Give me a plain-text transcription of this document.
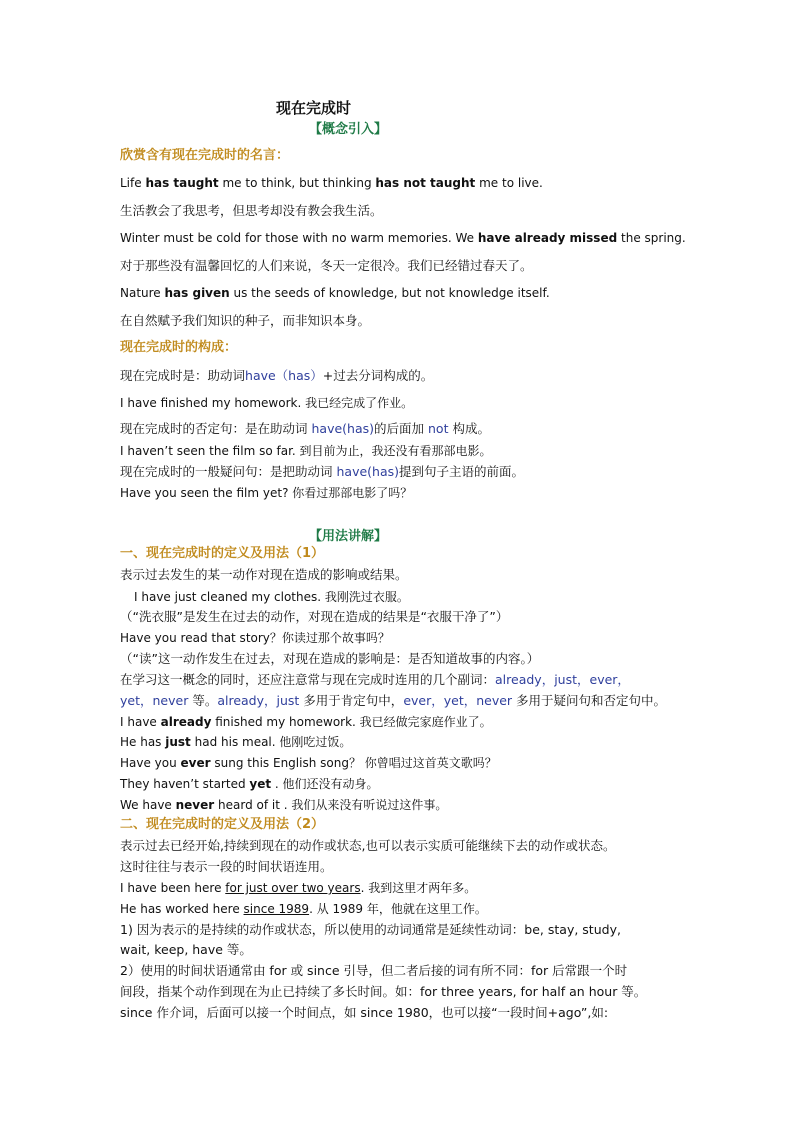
现在完成时
【概念引入】
欣赏含有现在完成时的名言：
Life has taught me to think, but thinking has not taught me to live.
生活教会了我思考，但思考却没有教会我生活。
Winter must be cold for those with no warm memories. We have already missed the spring.
对于那些没有温馨回忆的人们来说，冬天一定很冷。我们已经错过春天了。
Nature has given us the seeds of knowledge, but not knowledge itself.
在自然赋予我们知识的种子，而非知识本身。
现在完成时的构成：
现在完成时是：助动词have（has）+过去分词构成的。
I have finished my homework. 我已经完成了作业。
现在完成时的否定句：是在助动词 have(has)的后面加 not 构成。
I haven’t seen the film so far. 到目前为止，我还没有看那部电影。
现在完成时的一般疑问句：是把助动词 have(has)提到句子主语的前面。
Have you seen the film yet? 你看过那部电影了吗？
【用法讲解】
一、现在完成时的定义及用法（1）
表示过去发生的某一动作对现在造成的影响或结果。
I have just cleaned my clothes. 我刚洗过衣服。
（“洗衣服”是发生在过去的动作，对现在造成的结果是“衣服干净了”）
Have you read that story？你读过那个故事吗？
（“读”这一动作发生在过去，对现在造成的影响是：是否知道故事的内容。）
在学习这一概念的同时，还应注意常与现在完成时连用的几个副词：already，just，ever，
yet，never 等。already，just 多用于肯定句中，ever，yet，never 多用于疑问句和否定句中。
I have already finished my homework. 我已经做完家庭作业了。
He has just had his meal. 他刚吃过饭。
Have you ever sung this English song？ 你曾唱过这首英文歌吗？
They haven’t started yet . 他们还没有动身。
We have never heard of it . 我们从来没有听说过这件事。
二、现在完成时的定义及用法（2）
表示过去已经开始,持续到现在的动作或状态,也可以表示实质可能继续下去的动作或状态。
这时往往与表示一段的时间状语连用。
I have been here for just over two years. 我到这里才两年多。
He has worked here since 1989. 从 1989 年，他就在这里工作。
1) 因为表示的是持续的动作或状态，所以使用的动词通常是延续性动词：be, stay, study,
wait, keep, have 等。
2）使用的时间状语通常由 for 或 since 引导，但二者后接的词有所不同：for 后常跟一个时
间段，指某个动作到现在为止已持续了多长时间。如：for three years, for half an hour 等。
since 作介词，后面可以接一个时间点，如 since 1980，也可以接“一段时间+ago”,如:
